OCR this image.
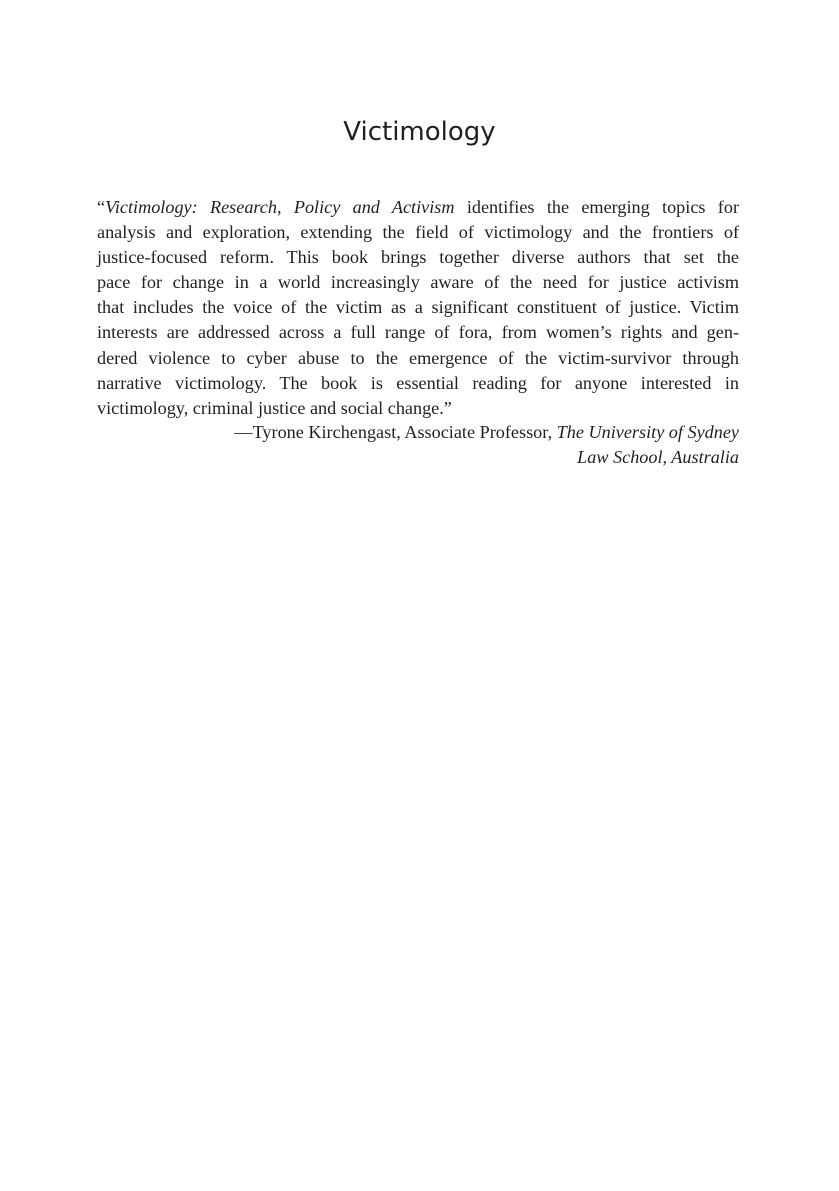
Victimology
“Victimology: Research, Policy and Activism identifies the emerging topics for
analysis and exploration, extending the field of victimology and the frontiers of
justice-focused reform. This book brings together diverse authors that set the
pace for change in a world increasingly aware of the need for justice activism
that includes the voice of the victim as a significant constituent of justice. Victim
interests are addressed across a full range of fora, from women’s rights and gen-
dered violence to cyber abuse to the emergence of the victim-survivor through
narrative victimology. The book is essential reading for anyone interested in
victimology, criminal justice and social change.”
—Tyrone Kirchengast, Associate Professor, The University of Sydney
Law School, Australia
